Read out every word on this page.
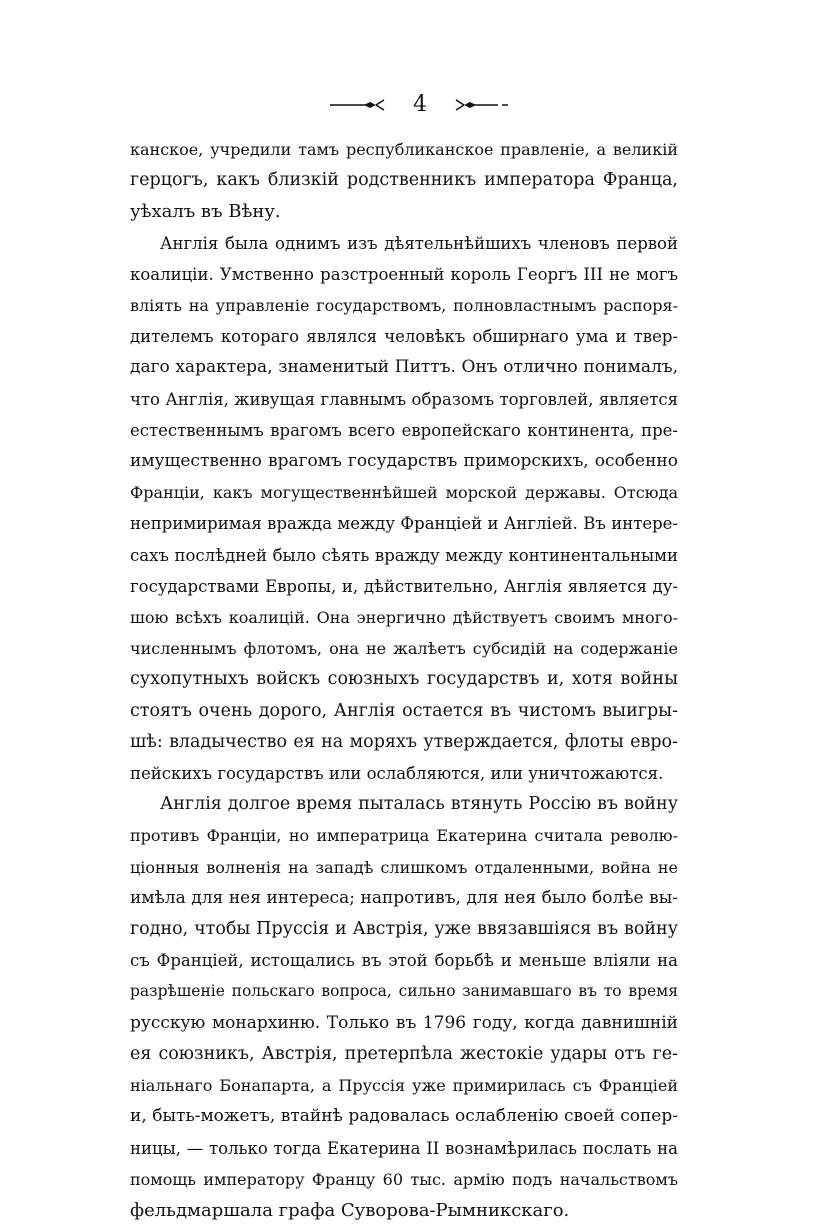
4
канское, учредили тамъ республиканское правленіе, а великій
герцогъ, какъ близкій родственникъ императора Франца,
уѣхалъ въ Вѣну.
Англія была однимъ изъ дѣятельнѣйшихъ членовъ первой
коалиціи. Умственно разстроенный король Георгъ III не могъ
вліять на управленіе государствомъ, полновластнымъ распоря-
дителемъ котораго являлся человѣкъ обширнаго ума и твер-
даго характера, знаменитый Питтъ. Онъ отлично понималъ,
что Англія, живущая главнымъ образомъ торговлей, является
естественнымъ врагомъ всего европейскаго континента, пре-
имущественно врагомъ государствъ приморскихъ, особенно
Франціи, какъ могущественнѣйшей морской державы. Отсюда
непримиримая вражда между Франціей и Англіей. Въ интере-
сахъ послѣдней было сѣять вражду между континентальными
государствами Европы, и, дѣйствительно, Англія является ду-
шою всѣхъ коалицій. Она энергично дѣйствуетъ своимъ много-
численнымъ флотомъ, она не жалѣетъ субсидій на содержаніе
сухопутныхъ войскъ союзныхъ государствъ и, хотя войны
стоятъ очень дорого, Англія остается въ чистомъ выигры-
шѣ: владычество ея на моряхъ утверждается, флоты евро-
пейскихъ государствъ или ослабляются, или уничтожаются.
Англія долгое время пыталась втянуть Россію въ войну
противъ Франціи, но императрица Екатерина считала револю-
ціонныя волненія на западѣ слишкомъ отдаленными, война не
имѣла для нея интереса; напротивъ, для нея было болѣе вы-
годно, чтобы Пруссія и Австрія, уже ввязавшіяся въ войну
съ Франціей, истощались въ этой борьбѣ и меньше вліяли на
разрѣшеніе польскаго вопроса, сильно занимавшаго въ то время
русскую монархиню. Только въ 1796 году, когда давнишній
ея союзникъ, Австрія, претерпѣла жестокіе удары отъ ге-
ніальнаго Бонапарта, а Пруссія уже примирилась съ Франціей
и, быть-можетъ, втайнѣ радовалась ослабленію своей сопер-
ницы, — только тогда Екатерина II вознамѣрилась послать на
помощь императору Францу 60 тыс. армію подъ начальствомъ
фельдмаршала графа Суворова-Рымникскаго.
